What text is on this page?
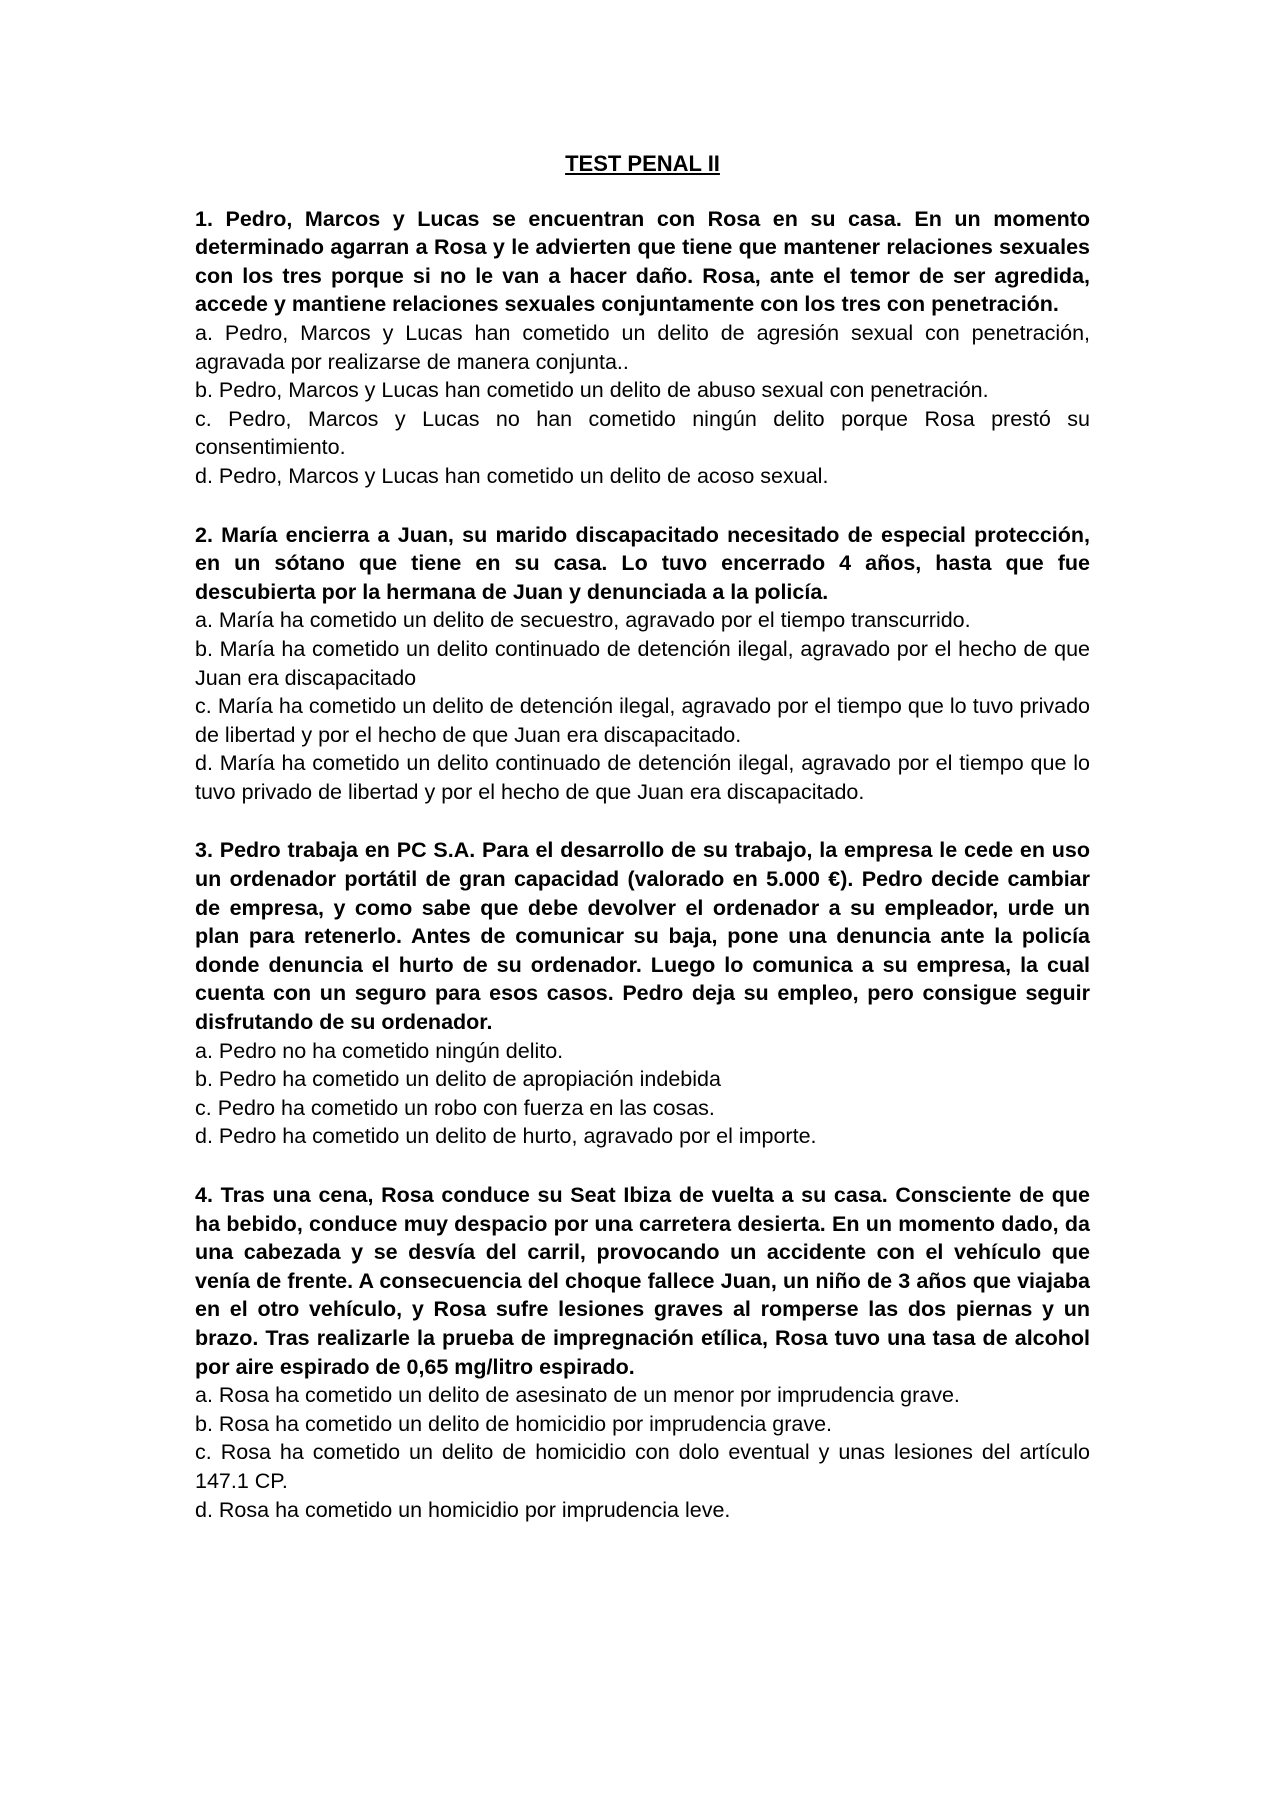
TEST PENAL II

1. Pedro, Marcos y Lucas se encuentran con Rosa en su casa. En un momento determinado agarran a Rosa y le advierten que tiene que mantener relaciones sexuales con los tres porque si no le van a hacer daño. Rosa, ante el temor de ser agredida, accede y mantiene relaciones sexuales conjuntamente con los tres con penetración.

a. Pedro, Marcos y Lucas han cometido un delito de agresión sexual con penetración, agravada por realizarse de manera conjunta..

b. Pedro, Marcos y Lucas han cometido un delito de abuso sexual con penetración.

c. Pedro, Marcos y Lucas no han cometido ningún delito porque Rosa prestó su consentimiento.

d. Pedro, Marcos y Lucas han cometido un delito de acoso sexual.

2. María encierra a Juan, su marido discapacitado necesitado de especial protección, en un sótano que tiene en su casa. Lo tuvo encerrado 4 años, hasta que fue descubierta por la hermana de Juan y denunciada a la policía.

a. María ha cometido un delito de secuestro, agravado por el tiempo transcurrido.

b. María ha cometido un delito continuado de detención ilegal, agravado por el hecho de que Juan era discapacitado

c. María ha cometido un delito de detención ilegal, agravado por el tiempo que lo tuvo privado de libertad y por el hecho de que Juan era discapacitado.

d. María ha cometido un delito continuado de detención ilegal, agravado por el tiempo que lo tuvo privado de libertad y por el hecho de que Juan era discapacitado.

3. Pedro trabaja en PC S.A. Para el desarrollo de su trabajo, la empresa le cede en uso un ordenador portátil de gran capacidad (valorado en 5.000 €). Pedro decide cambiar de empresa, y como sabe que debe devolver el ordenador a su empleador, urde un plan para retenerlo. Antes de comunicar su baja, pone una denuncia ante la policía donde denuncia el hurto de su ordenador. Luego lo comunica a su empresa, la cual cuenta con un seguro para esos casos. Pedro deja su empleo, pero consigue seguir disfrutando de su ordenador.

a. Pedro no ha cometido ningún delito.

b. Pedro ha cometido un delito de apropiación indebida

c. Pedro ha cometido un robo con fuerza en las cosas.

d. Pedro ha cometido un delito de hurto, agravado por el importe.

4. Tras una cena, Rosa conduce su Seat Ibiza de vuelta a su casa. Consciente de que ha bebido, conduce muy despacio por una carretera desierta. En un momento dado, da una cabezada y se desvía del carril, provocando un accidente con el vehículo que venía de frente. A consecuencia del choque fallece Juan, un niño de 3 años que viajaba en el otro vehículo, y Rosa sufre lesiones graves al romperse las dos piernas y un brazo. Tras realizarle la prueba de impregnación etílica, Rosa tuvo una tasa de alcohol por aire espirado de 0,65 mg/litro espirado.

a. Rosa ha cometido un delito de asesinato de un menor por imprudencia grave.

b. Rosa ha cometido un delito de homicidio por imprudencia grave.

c. Rosa ha cometido un delito de homicidio con dolo eventual y unas lesiones del artículo 147.1 CP.

d. Rosa ha cometido un homicidio por imprudencia leve.
